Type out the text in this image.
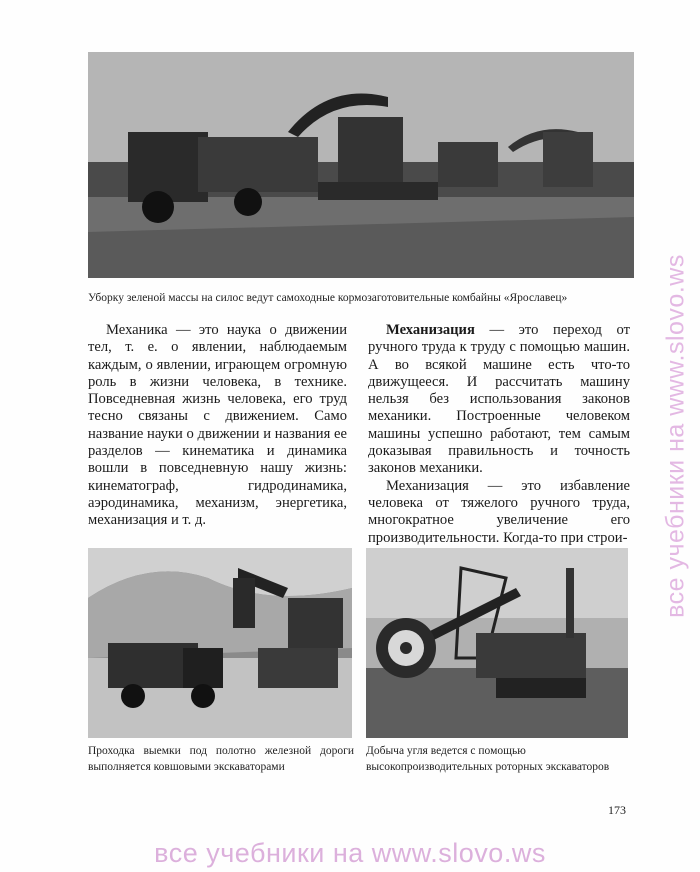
Уборку зеленой массы на силос ведут самоходные кормозаготовительные комбайны «Ярославец»

Механика — это наука о движении тел, т. е. о явлении, наблюдаемым каждым, о явлении, играющем огромную роль в жизни человека, в технике. Повседневная жизнь человека, его труд тесно связаны с движением. Само название науки о движении и названия ее разделов — кинематика и динамика вошли в повседневную нашу жизнь: кинематограф, гидродинамика, аэродинамика, механизм, энергетика, механизация и т. д.

Механизация — это переход от ручного труда к труду с помощью машин. А во всякой машине есть что-то движущееся. И рассчитать машину нельзя без использования законов механики. Построенные человеком машины успешно работают, тем самым доказывая правильность и точность законов механики.

Механизация — это избавление человека от тяжелого ручного труда, многократное увеличение его производительности. Когда-то при строи-

Проходка выемки под полотно железной дороги выполняется ковшовыми экскаваторами
Добыча угля ведется с помощью высокопроизводительных роторных экскаваторов
173
все учебники на www.slovo.ws
все учебники на www.slovo.ws
